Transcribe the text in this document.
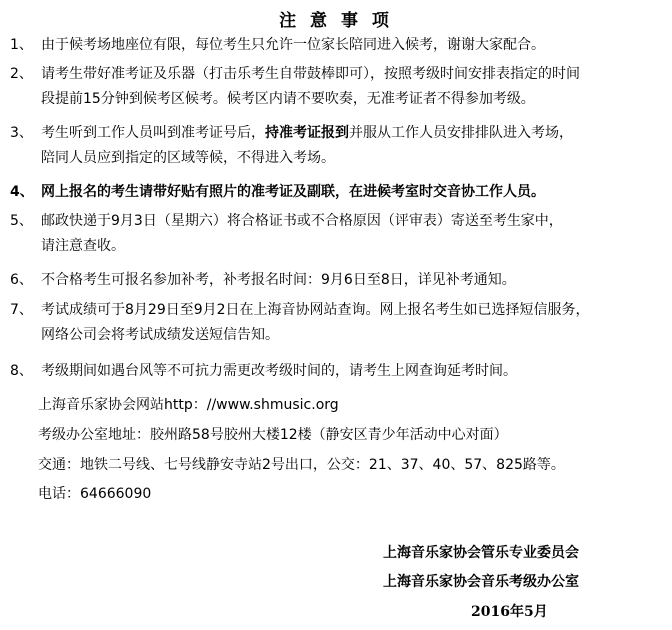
注 意 事 项
1、 由于候考场地座位有限，每位考生只允许一位家长陪同进入候考，谢谢大家配合。
2、 请考生带好准考证及乐器（打击乐考生自带鼓棒即可），按照考级时间安排表指定的时间
段提前15分钟到候考区候考。候考区内请不要吹奏，无准考证者不得参加考级。
3、 考生听到工作人员叫到准考证号后，持准考证报到并服从工作人员安排排队进入考场，
陪同人员应到指定的区域等候，不得进入考场。
4、 网上报名的考生请带好贴有照片的准考证及副联，在进候考室时交音协工作人员。
5、 邮政快递于9月3日（星期六）将合格证书或不合格原因（评审表）寄送至考生家中，
请注意查收。
6、 不合格考生可报名参加补考，补考报名时间：9月6日至8日，详见补考通知。
7、 考试成绩可于8月29日至9月2日在上海音协网站查询。网上报名考生如已选择短信服务，
网络公司会将考试成绩发送短信告知。
8、 考级期间如遇台风等不可抗力需更改考级时间的，请考生上网查询延考时间。
上海音乐家协会网站http：//www.shmusic.org
考级办公室地址：胶州路58号胶州大楼12楼（静安区青少年活动中心对面）
交通：地铁二号线、七号线静安寺站2号出口，公交：21、37、40、57、825路等。
电话：64666090
上海音乐家协会管乐专业委员会
上海音乐家协会音乐考级办公室
2016年5月
